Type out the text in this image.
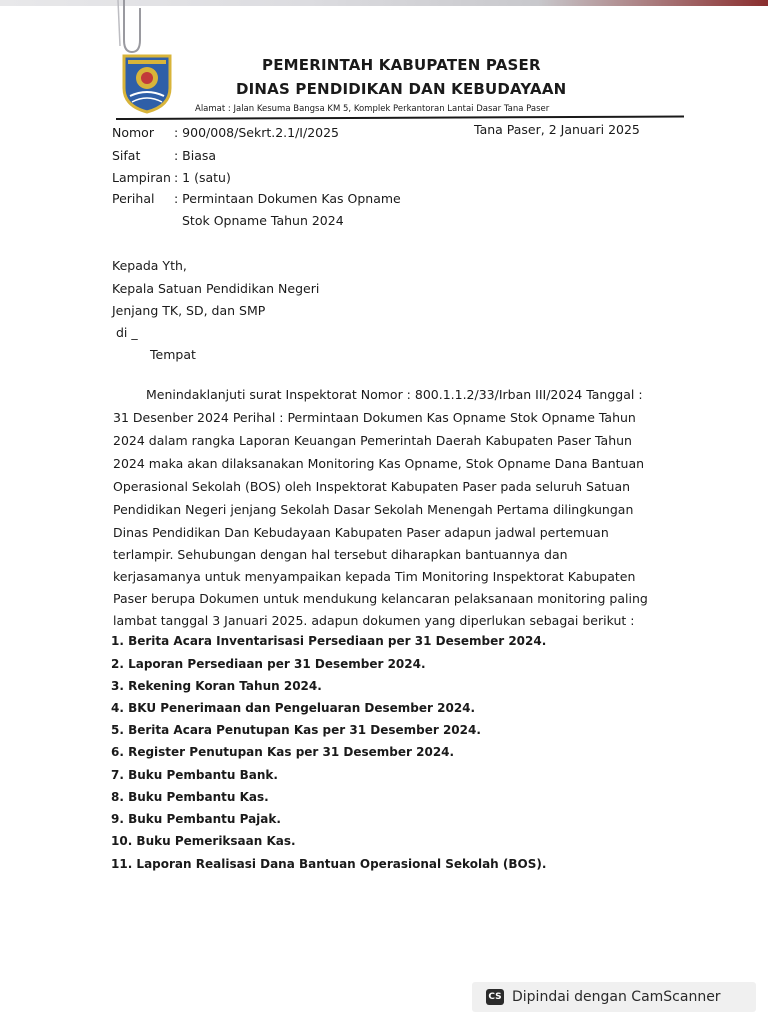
PEMERINTAH KABUPATEN PASER
DINAS PENDIDIKAN DAN KEBUDAYAAN
Alamat : Jalan Kesuma Bangsa KM 5, Komplek Perkantoran Lantai Dasar Tana Paser
Nomor : 900/008/Sekrt.2.1/I/2025	Tana Paser, 2 Januari 2025
Sifat	: Biasa
Lampiran : 1 (satu)
Perihal : Permintaan Dokumen Kas Opname
Stok Opname Tahun 2024
Kepada Yth,
Kepala Satuan Pendidikan Negeri
Jenjang TK, SD, dan SMP
di _
Tempat
Menindaklanjuti surat Inspektorat Nomor : 800.1.1.2/33/Irban III/2024 Tanggal :
31 Desenber 2024 Perihal : Permintaan Dokumen Kas Opname Stok Opname Tahun
2024 dalam rangka Laporan Keuangan Pemerintah Daerah Kabupaten Paser Tahun
2024 maka akan dilaksanakan Monitoring Kas Opname, Stok Opname Dana Bantuan
Operasional Sekolah (BOS) oleh Inspektorat Kabupaten Paser pada seluruh Satuan
Pendidikan Negeri jenjang Sekolah Dasar Sekolah Menengah Pertama dilingkungan
Dinas Pendidikan Dan Kebudayaan Kabupaten Paser adapun jadwal pertemuan
terlampir. Sehubungan dengan hal tersebut diharapkan bantuannya dan
kerjasamanya untuk menyampaikan kepada Tim Monitoring Inspektorat Kabupaten
Paser berupa Dokumen untuk mendukung kelancaran pelaksanaan monitoring paling
lambat tanggal 3 Januari 2025. adapun dokumen yang diperlukan sebagai berikut :
1. Berita Acara Inventarisasi Persediaan per 31 Desember 2024.
2. Laporan Persediaan per 31 Desember 2024.
3. Rekening Koran Tahun 2024.
4. BKU Penerimaan dan Pengeluaran Desember 2024.
5. Berita Acara Penutupan Kas per 31 Desember 2024.
6. Register Penutupan Kas per 31 Desember 2024.
7. Buku Pembantu Bank.
8. Buku Pembantu Kas.
9. Buku Pembantu Pajak.
10. Buku Pemeriksaan Kas.
11. Laporan Realisasi Dana Bantuan Operasional Sekolah (BOS).
CS Dipindai dengan CamScanner
